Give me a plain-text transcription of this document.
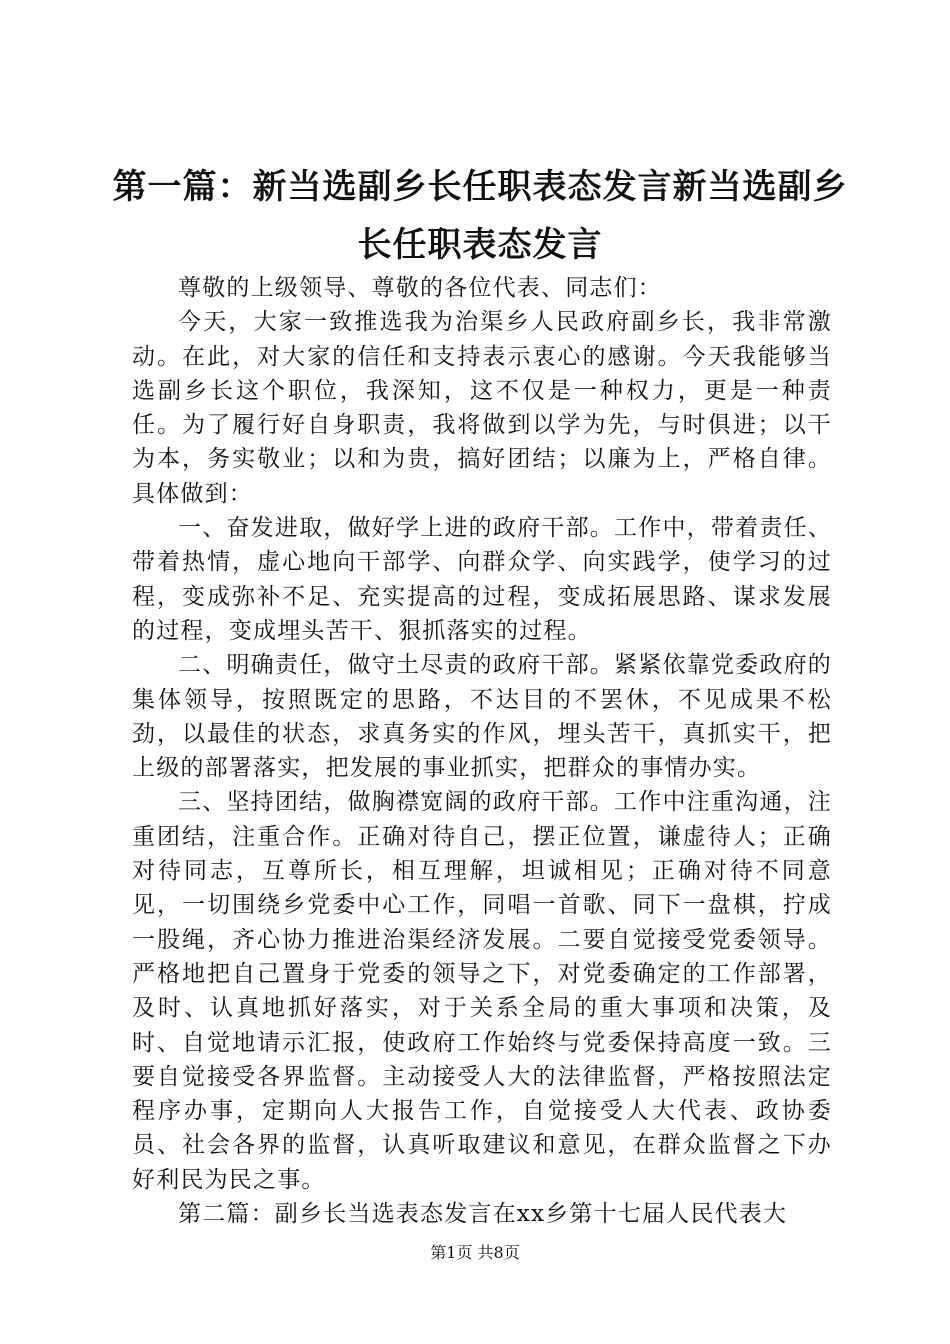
第一篇：新当选副乡长任职表态发言新当选副乡长任职表态发言

尊敬的上级领导、尊敬的各位代表、同志们：

今天，大家一致推选我为治渠乡人民政府副乡长，我非常激动。在此，对大家的信任和支持表示衷心的感谢。今天我能够当选副乡长这个职位，我深知，这不仅是一种权力，更是一种责任。为了履行好自身职责，我将做到以学为先，与时俱进；以干为本，务实敬业；以和为贵，搞好团结；以廉为上，严格自律。具体做到：

一、奋发进取，做好学上进的政府干部。工作中，带着责任、带着热情，虚心地向干部学、向群众学、向实践学，使学习的过程，变成弥补不足、充实提高的过程，变成拓展思路、谋求发展的过程，变成埋头苦干、狠抓落实的过程。

二、明确责任，做守土尽责的政府干部。紧紧依靠党委政府的集体领导，按照既定的思路，不达目的不罢休，不见成果不松劲，以最佳的状态，求真务实的作风，埋头苦干，真抓实干，把上级的部署落实，把发展的事业抓实，把群众的事情办实。

三、坚持团结，做胸襟宽阔的政府干部。工作中注重沟通，注重团结，注重合作。正确对待自己，摆正位置，谦虚待人；正确对待同志，互尊所长，相互理解，坦诚相见；正确对待不同意见，一切围绕乡党委中心工作，同唱一首歌、同下一盘棋，拧成一股绳，齐心协力推进治渠经济发展。二要自觉接受党委领导。严格地把自己置身于党委的领导之下，对党委确定的工作部署，及时、认真地抓好落实，对于关系全局的重大事项和决策，及时、自觉地请示汇报，使政府工作始终与党委保持高度一致。三要自觉接受各界监督。主动接受人大的法律监督，严格按照法定程序办事，定期向人大报告工作，自觉接受人大代表、政协委员、社会各界的监督，认真听取建议和意见，在群众监督之下办好利民为民之事。

第二篇：副乡长当选表态发言在xx乡第十七届人民代表大

第1页 共8页
